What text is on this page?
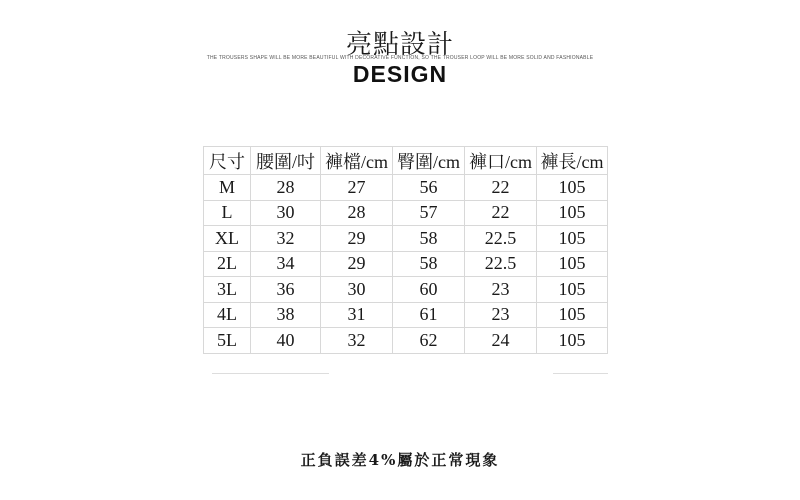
亮點設計
THE TROUSERS SHAPE WILL BE MORE BEAUTIFUL WITH DECORATIVE FUNCTION, SO THE TROUSER LOOP WILL BE MORE SOLID AND FASHIONABLE
DESIGN
尺寸	腰圍/吋	褲檔/cm	臀圍/cm	褲口/cm	褲長/cm
M	28	27	56	22	105
L	30	28	57	22	105
XL	32	29	58	22.5	105
2L	34	29	58	22.5	105
3L	36	30	60	23	105
4L	38	31	61	23	105
5L	40	32	62	24	105
正負誤差4%屬於正常現象
